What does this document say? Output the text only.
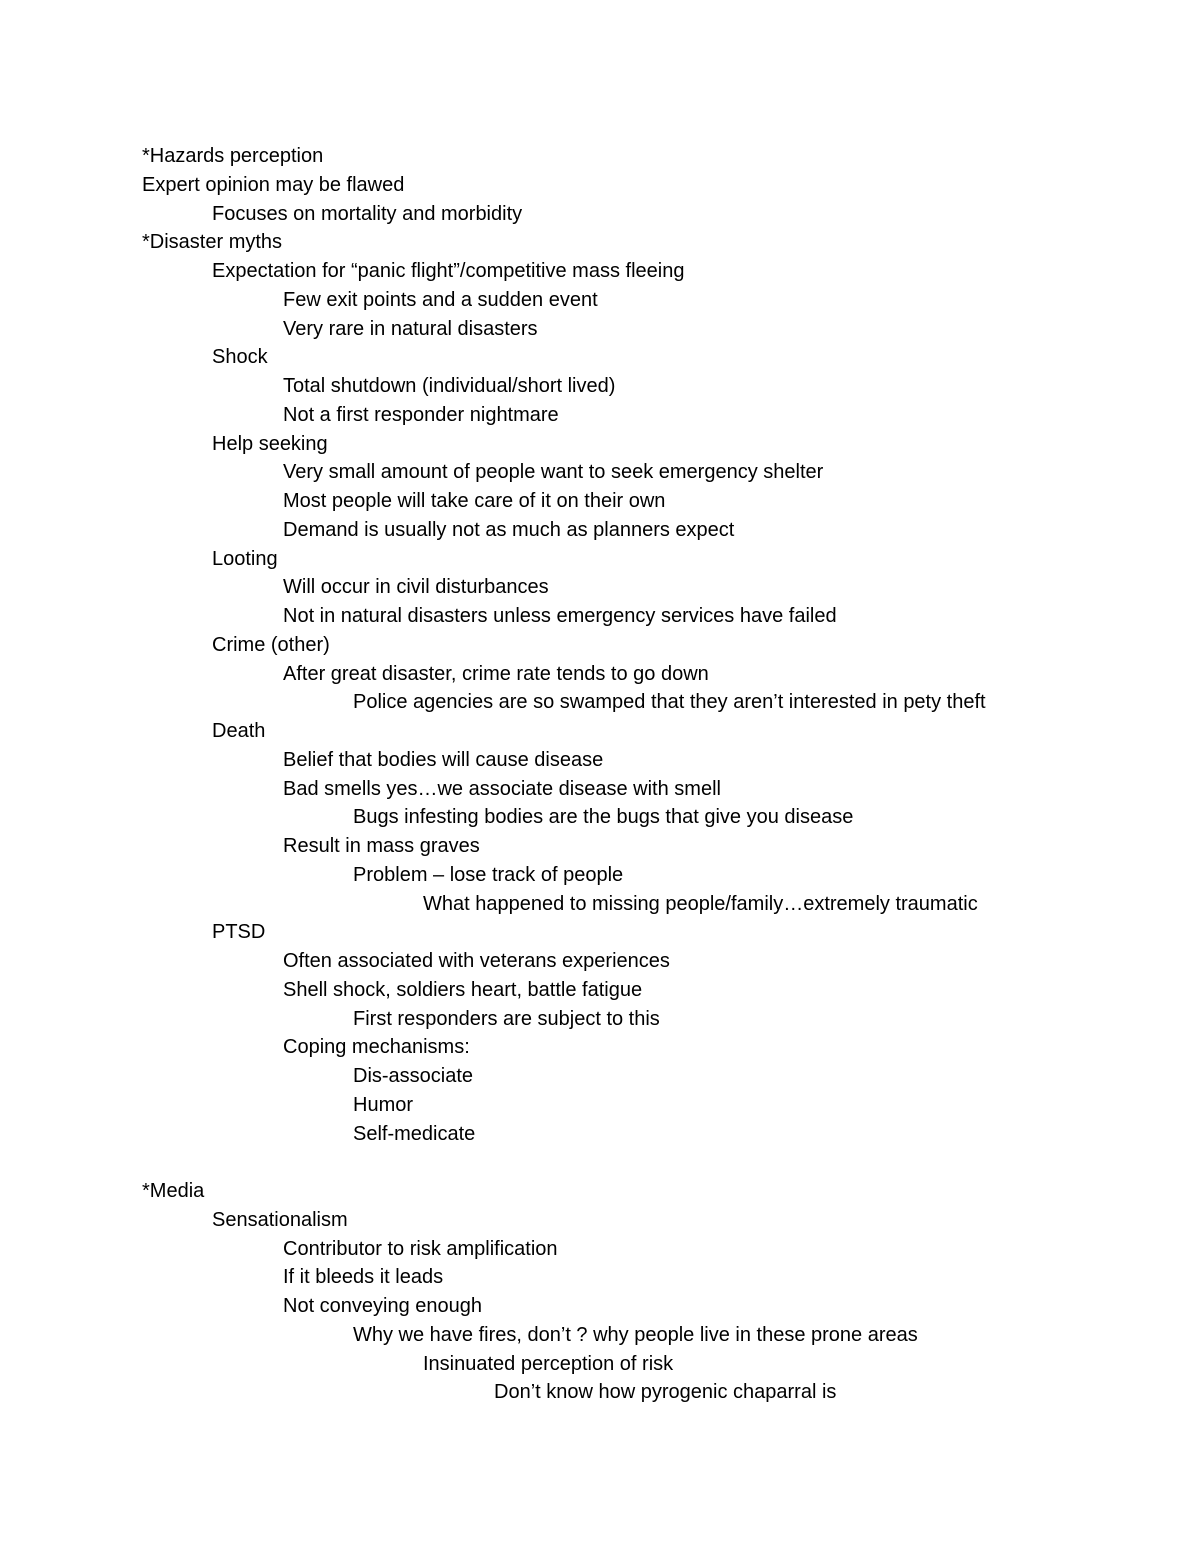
*Hazards perception
Expert opinion may be flawed
Focuses on mortality and morbidity
*Disaster myths
Expectation for “panic flight”/competitive mass fleeing
Few exit points and a sudden event
Very rare in natural disasters
Shock
Total shutdown (individual/short lived)
Not a first responder nightmare
Help seeking
Very small amount of people want to seek emergency shelter
Most people will take care of it on their own
Demand is usually not as much as planners expect
Looting
Will occur in civil disturbances
Not in natural disasters unless emergency services have failed
Crime (other)
After great disaster, crime rate tends to go down
Police agencies are so swamped that they aren’t interested in pety theft
Death
Belief that bodies will cause disease
Bad smells yes…we associate disease with smell
Bugs infesting bodies are the bugs that give you disease
Result in mass graves
Problem – lose track of people
What happened to missing people/family…extremely traumatic
PTSD
Often associated with veterans experiences
Shell shock, soldiers heart, battle fatigue
First responders are subject to this
Coping mechanisms:
Dis-associate
Humor
Self-medicate
*Media
Sensationalism
Contributor to risk amplification
If it bleeds it leads
Not conveying enough
Why we have fires, don’t ? why people live in these prone areas
Insinuated perception of risk
Don’t know how pyrogenic chaparral is
